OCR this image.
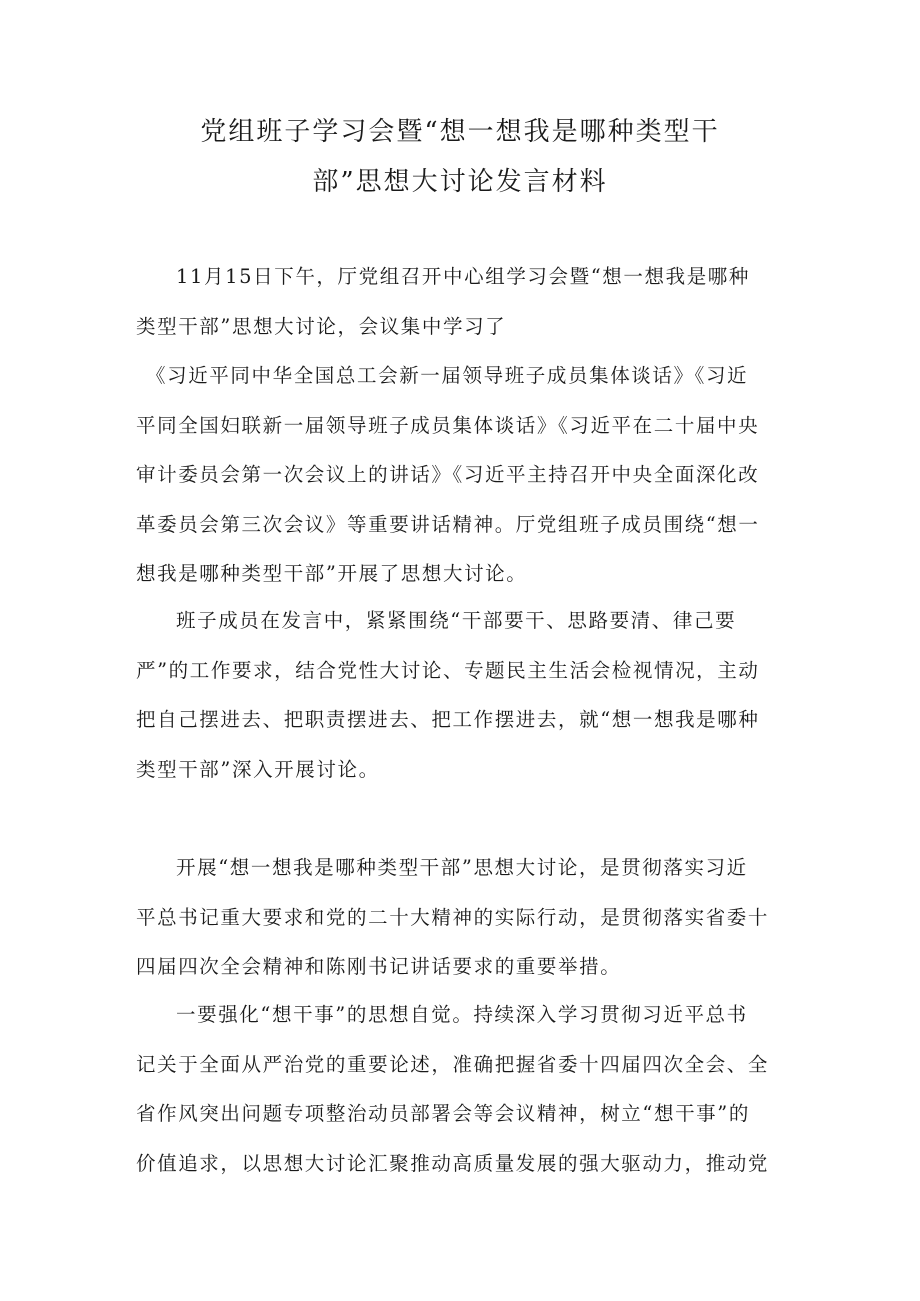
党组班子学习会暨“想一想我是哪种类型干
部”思想大讨论发言材料
11月15日下午，厅党组召开中心组学习会暨“想一想我是哪种
类型干部”思想大讨论，会议集中学习了
《习近平同中华全国总工会新一届领导班子成员集体谈话》《习近
平同全国妇联新一届领导班子成员集体谈话》《习近平在二十届中央
审计委员会第一次会议上的讲话》《习近平主持召开中央全面深化改
革委员会第三次会议》等重要讲话精神。厅党组班子成员围绕“想一
想我是哪种类型干部”开展了思想大讨论。
班子成员在发言中，紧紧围绕“干部要干、思路要清、律己要
严”的工作要求，结合党性大讨论、专题民主生活会检视情况，主动
把自己摆进去、把职责摆进去、把工作摆进去，就“想一想我是哪种
类型干部”深入开展讨论。
开展“想一想我是哪种类型干部”思想大讨论，是贯彻落实习近
平总书记重大要求和党的二十大精神的实际行动，是贯彻落实省委十
四届四次全会精神和陈刚书记讲话要求的重要举措。
一要强化“想干事”的思想自觉。持续深入学习贯彻习近平总书
记关于全面从严治党的重要论述，准确把握省委十四届四次全会、全
省作风突出问题专项整治动员部署会等会议精神，树立“想干事”的
价值追求，以思想大讨论汇聚推动高质量发展的强大驱动力，推动党
